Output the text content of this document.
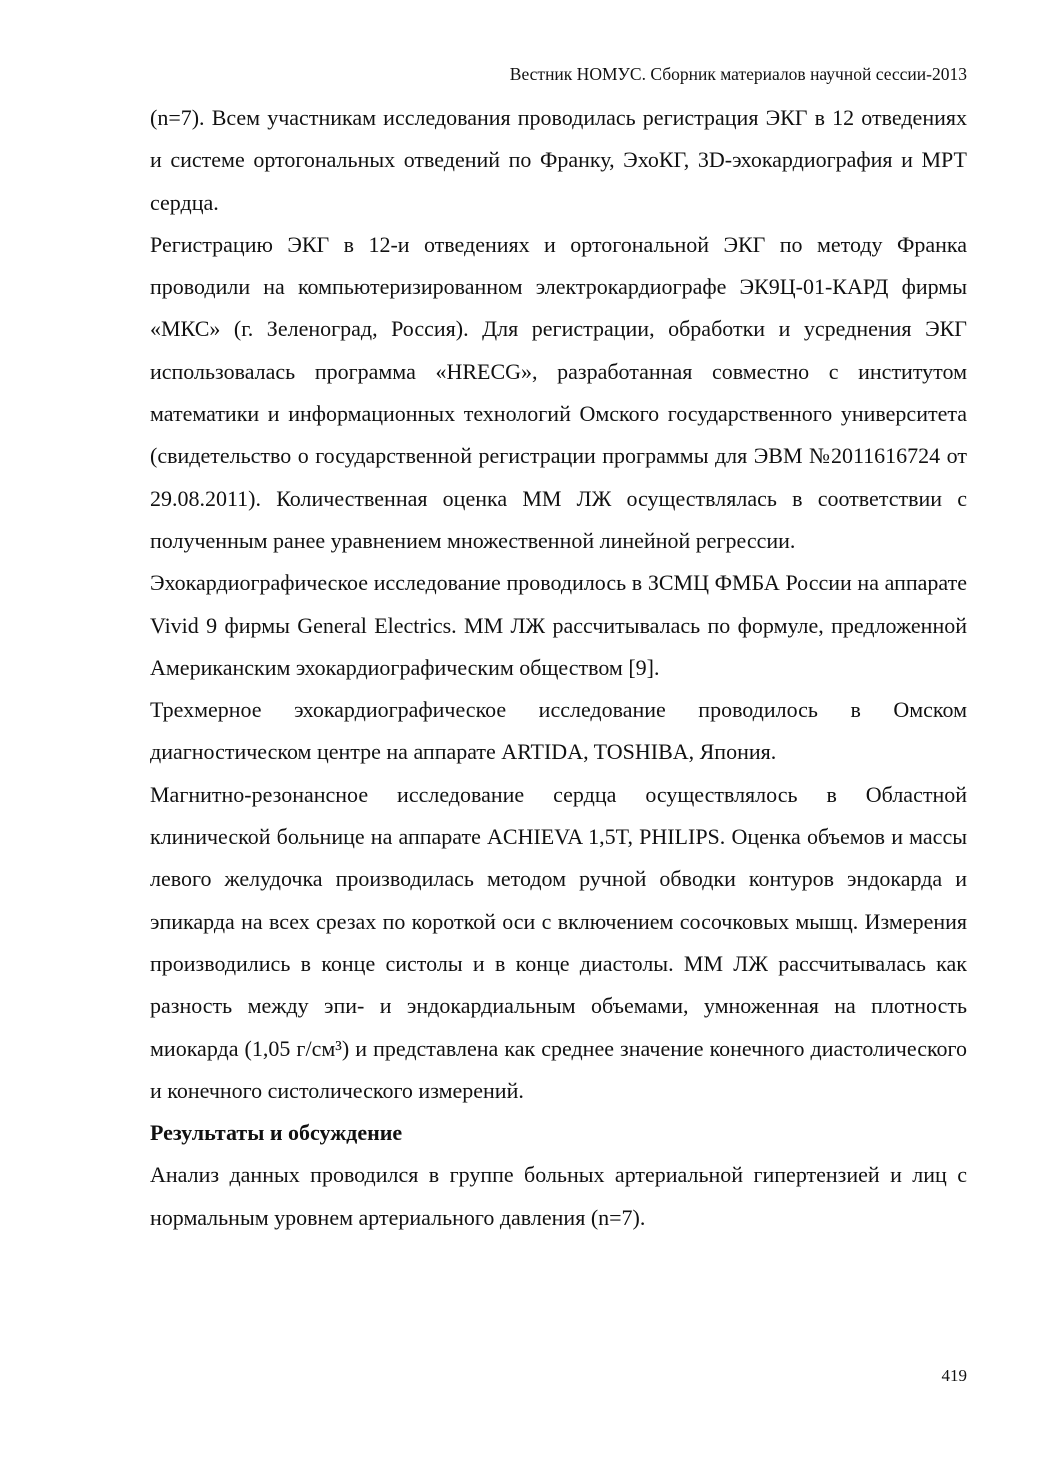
Вестник НОМУС. Сборник материалов научной сессии-2013

(n=7). Всем участникам исследования проводилась регистрация ЭКГ в 12 отведениях и системе ортогональных отведений по Франку, ЭхоКГ, 3D-эхокардиография и МРТ сердца.

Регистрацию ЭКГ в 12-и отведениях и ортогональной ЭКГ по методу Франка проводили на компьютеризированном электрокардиографе ЭК9Ц-01-КАРД фирмы «МКС» (г. Зеленоград, Россия). Для регистрации, обработки и усреднения ЭКГ использовалась программа «HRECG», разработанная совместно с институтом математики и информационных технологий Омского государственного университета (свидетельство о государственной регистрации программы для ЭВМ №2011616724 от 29.08.2011). Количественная оценка ММ ЛЖ осуществлялась в соответствии с полученным ранее уравнением множественной линейной регрессии.

Эхокардиографическое исследование проводилось в ЗСМЦ ФМБА России на аппарате Vivid 9 фирмы General Electrics. ММ ЛЖ рассчитывалась по формуле, предложенной Американским эхокардиографическим обществом [9].

Трехмерное эхокардиографическое исследование проводилось в Омском диагностическом центре на аппарате ARTIDA, TOSHIBA, Япония.

Магнитно-резонансное исследование сердца осуществлялось в Областной клинической больнице на аппарате ACHIEVA 1,5T, PHILIPS. Оценка объемов и массы левого желудочка производилась методом ручной обводки контуров эндокарда и эпикарда на всех срезах по короткой оси с включением сосочковых мышц. Измерения производились в конце систолы и в конце диастолы. ММ ЛЖ рассчитывалась как разность между эпи- и эндокардиальным объемами, умноженная на плотность миокарда (1,05 г/см³) и представлена как среднее значение конечного диастолического и конечного систолического измерений.

Результаты и обсуждение

Анализ данных проводился в группе больных артериальной гипертензией и лиц с нормальным уровнем артериального давления (n=7).

419
